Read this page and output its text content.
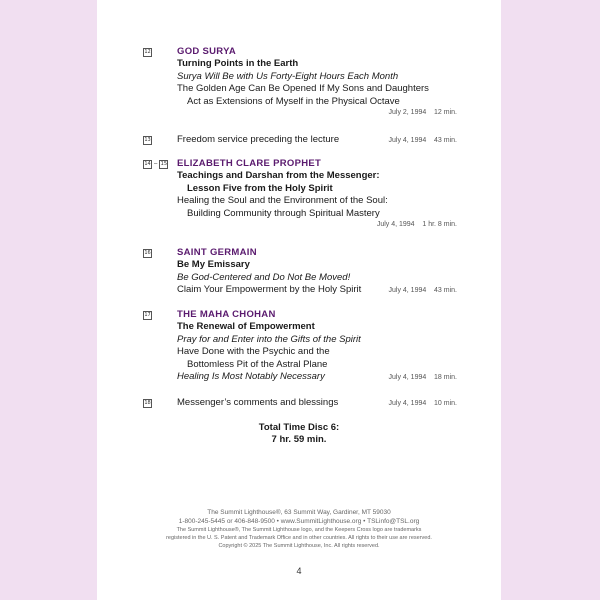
12	GOD SURYA
Turning Points in the Earth
Surya Will Be with Us Forty-Eight Hours Each Month
The Golden Age Can Be Opened If My Sons and Daughters
Act as Extensions of Myself in the Physical Octave
July 2, 1994 12 min.
13	Freedom service preceding the lecture	July 4, 1994 43 min.
14 – 15 ELIZABETH CLARE PROPHET
Teachings and Darshan from the Messenger:
Lesson Five from the Holy Spirit
Healing the Soul and the Environment of the Soul:
Building Community through Spiritual Mastery
July 4, 1994 1 hr. 8 min.
16	SAINT GERMAIN
Be My Emissary
Be God-Centered and Do Not Be Moved!
Claim Your Empowerment by the Holy Spirit	July 4, 1994 43 min.
17	THE MAHA CHOHAN
The Renewal of Empowerment
Pray for and Enter into the Gifts of the Spirit
Have Done with the Psychic and the
Bottomless Pit of the Astral Plane
Healing Is Most Notably Necessary	July 4, 1994 18 min.
18	Messenger’s comments and blessings	July 4, 1994 10 min.
Total Time Disc 6:
7 hr. 59 min.
The Summit Lighthouse®, 63 Summit Way, Gardiner, MT 59030
1-800-245-5445 or 406-848-9500 • www.SummitLighthouse.org • TSLinfo@TSL.org
The Summit Lighthouse®, The Summit Lighthouse logo, and the Keepers Cross logo are trademarks
registered in the U. S. Patent and Trademark Office and in other countries. All rights to their use are reserved.
Copyright © 2025 The Summit Lighthouse, Inc. All rights reserved.
4
